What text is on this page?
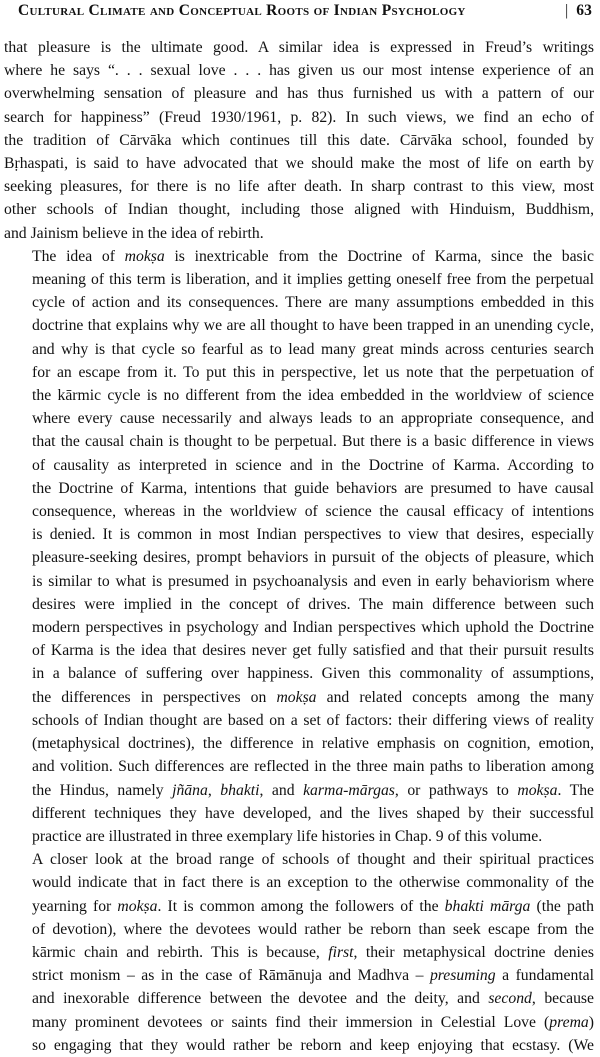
Cultural Climate and Conceptual Roots of Indian Psychology	| 63

that pleasure is the ultimate good. A similar idea is expressed in Freud’s writings
where he says “. . . sexual love . . . has given us our most intense experience of an
overwhelming sensation of pleasure and has thus furnished us with a pattern of our
search for happiness” (Freud 1930/1961, p. 82). In such views, we find an echo of
the tradition of Cārvāka which continues till this date. Cārvāka school, founded by
Bṛhaspati, is said to have advocated that we should make the most of life on earth by
seeking pleasures, for there is no life after death. In sharp contrast to this view, most
other schools of Indian thought, including those aligned with Hinduism, Buddhism,
and Jainism believe in the idea of rebirth.

The idea of mokṣa is inextricable from the Doctrine of Karma, since the basic
meaning of this term is liberation, and it implies getting oneself free from the perpetual
cycle of action and its consequences. There are many assumptions embedded in this
doctrine that explains why we are all thought to have been trapped in an unending cycle,
and why is that cycle so fearful as to lead many great minds across centuries search
for an escape from it. To put this in perspective, let us note that the perpetuation of
the kārmic cycle is no different from the idea embedded in the worldview of science
where every cause necessarily and always leads to an appropriate consequence, and
that the causal chain is thought to be perpetual. But there is a basic difference in views
of causality as interpreted in science and in the Doctrine of Karma. According to
the Doctrine of Karma, intentions that guide behaviors are presumed to have causal
consequence, whereas in the worldview of science the causal efficacy of intentions
is denied. It is common in most Indian perspectives to view that desires, especially
pleasure-seeking desires, prompt behaviors in pursuit of the objects of pleasure, which
is similar to what is presumed in psychoanalysis and even in early behaviorism where
desires were implied in the concept of drives. The main difference between such
modern perspectives in psychology and Indian perspectives which uphold the Doctrine
of Karma is the idea that desires never get fully satisfied and that their pursuit results
in a balance of suffering over happiness. Given this commonality of assumptions,
the differences in perspectives on mokṣa and related concepts among the many
schools of Indian thought are based on a set of factors: their differing views of reality
(metaphysical doctrines), the difference in relative emphasis on cognition, emotion,
and volition. Such differences are reflected in the three main paths to liberation among
the Hindus, namely jñāna, bhakti, and karma-mārgas, or pathways to mokṣa. The
different techniques they have developed, and the lives shaped by their successful
practice are illustrated in three exemplary life histories in Chap. 9 of this volume.

A closer look at the broad range of schools of thought and their spiritual practices
would indicate that in fact there is an exception to the otherwise commonality of the
yearning for mokṣa. It is common among the followers of the bhakti mārga (the path
of devotion), where the devotees would rather be reborn than seek escape from the
kārmic chain and rebirth. This is because, first, their metaphysical doctrine denies
strict monism – as in the case of Rāmānuja and Madhva – presuming a fundamental
and inexorable difference between the devotee and the deity, and second, because
many prominent devotees or saints find their immersion in Celestial Love (prema)
so engaging that they would rather be reborn and keep enjoying that ecstasy. (We
